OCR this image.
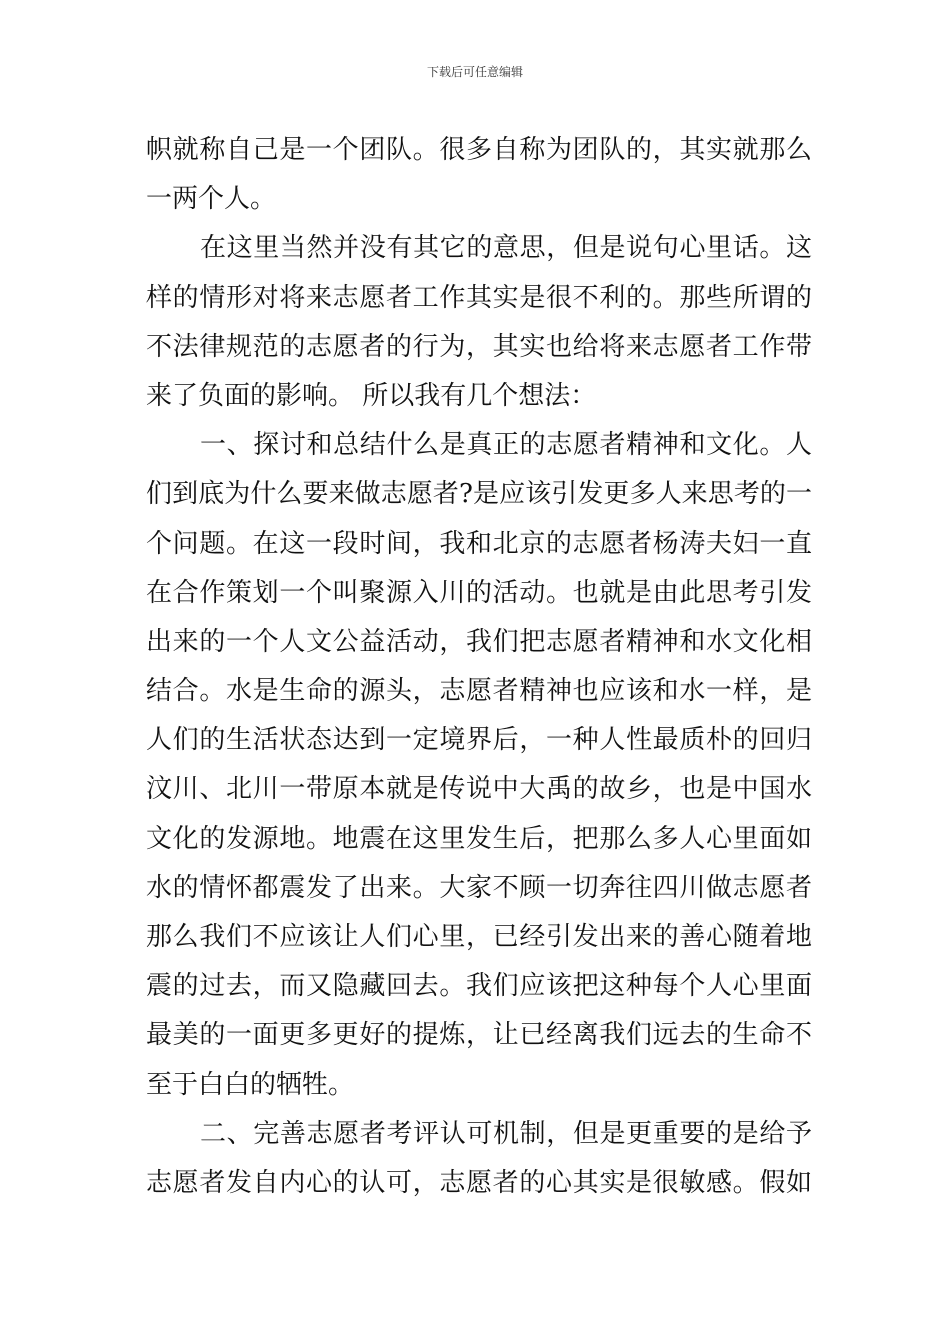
下载后可任意编辑
帜就称自己是一个团队。很多自称为团队的，其实就那么
一两个人。
在这里当然并没有其它的意思，但是说句心里话。这
样的情形对将来志愿者工作其实是很不利的。那些所谓的
不法律规范的志愿者的行为，其实也给将来志愿者工作带
来了负面的影响。 所以我有几个想法：
一、探讨和总结什么是真正的志愿者精神和文化。人
们到底为什么要来做志愿者?是应该引发更多人来思考的一
个问题。在这一段时间，我和北京的志愿者杨涛夫妇一直
在合作策划一个叫聚源入川的活动。也就是由此思考引发
出来的一个人文公益活动，我们把志愿者精神和水文化相
结合。水是生命的源头，志愿者精神也应该和水一样，是
人们的生活状态达到一定境界后，一种人性最质朴的回归
汶川、北川一带原本就是传说中大禹的故乡，也是中国水
文化的发源地。地震在这里发生后，把那么多人心里面如
水的情怀都震发了出来。大家不顾一切奔往四川做志愿者
那么我们不应该让人们心里，已经引发出来的善心随着地
震的过去，而又隐藏回去。我们应该把这种每个人心里面
最美的一面更多更好的提炼，让已经离我们远去的生命不
至于白白的牺牲。
二、完善志愿者考评认可机制，但是更重要的是给予
志愿者发自内心的认可，志愿者的心其实是很敏感。假如
